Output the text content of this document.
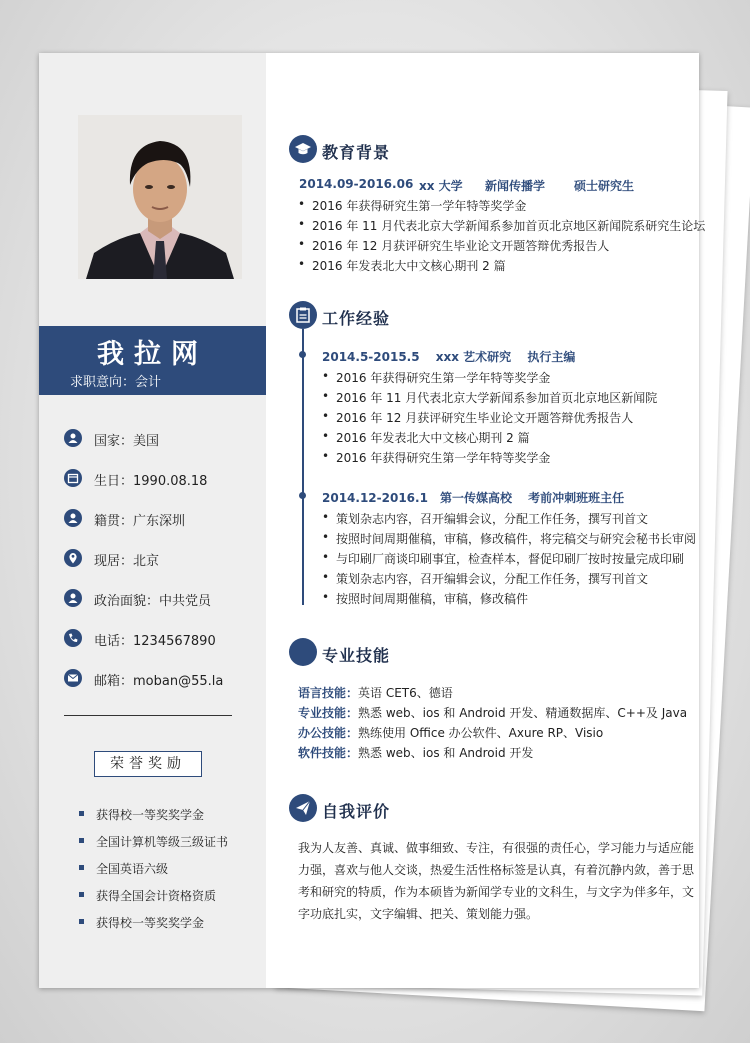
我拉网
求职意向：会计
国家：美国
生日：1990.08.18
籍贯：广东深圳
现居：北京
政治面貌：中共党员
电话：1234567890
邮箱：moban@55.la
荣誉奖励
获得校一等奖奖学金
全国计算机等级三级证书
全国英语六级
获得全国会计资格资质
获得校一等奖奖学金
教育背景
2014.09-2016.06 xx 大学 新闻传播学 硕士研究生
• 2016 年获得研究生第一学年特等奖学金
• 2016 年 11 月代表北京大学新闻系参加首页北京地区新闻院系研究生论坛
• 2016 年 12 月获评研究生毕业论文开题答辩优秀报告人
• 2016 年发表北大中文核心期刊 2 篇
工作经验
2014.5-2015.5　 xxx 艺术研究　 执行主编
• 2016 年获得研究生第一学年特等奖学金
• 2016 年 11 月代表北京大学新闻系参加首页北京地区新闻院
• 2016 年 12 月获评研究生毕业论文开题答辩优秀报告人
• 2016 年发表北大中文核心期刊 2 篇
• 2016 年获得研究生第一学年特等奖学金
2014.12-2016.1　第一传媒高校　 考前冲刺班班主任
• 策划杂志内容，召开编辑会议，分配工作任务，撰写刊首文
• 按照时间周期催稿，审稿，修改稿件，将完稿交与研究会秘书长审阅
• 与印刷厂商谈印刷事宜，检查样本，督促印刷厂按时按量完成印刷
• 策划杂志内容，召开编辑会议，分配工作任务，撰写刊首文
• 按照时间周期催稿，审稿，修改稿件
专业技能
语言技能：英语 CET6、德语
专业技能：熟悉 web、ios 和 Android 开发、精通数据库、C++及 Java
办公技能：熟练使用 Office 办公软件、Axure RP、Visio
软件技能：熟悉 web、ios 和 Android 开发
自我评价
我为人友善、真诚、做事细致、专注，有很强的责任心，学习能力与适应能
力强，喜欢与他人交谈，热爱生活性格标签是认真，有着沉静内敛，善于思
考和研究的特质，作为本硕皆为新闻学专业的文科生，与文字为伴多年，文
字功底扎实，文字编辑、把关、策划能力强。
